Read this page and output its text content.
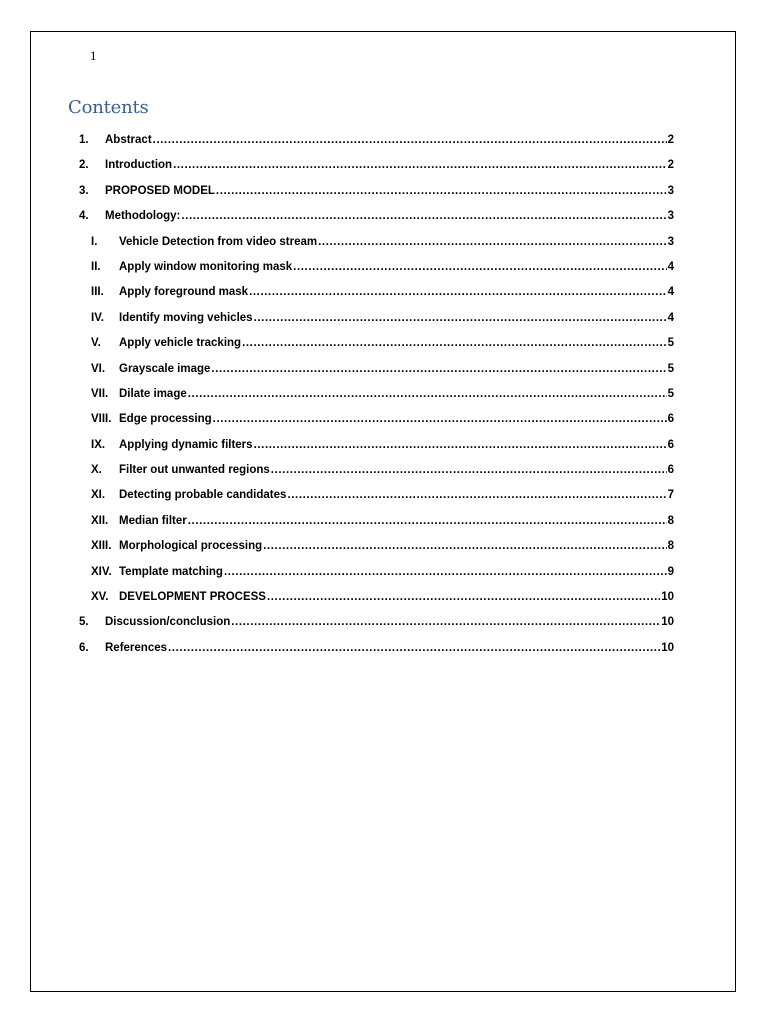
1
Contents
1. Abstract .....	2
2. Introduction .....	2
3. PROPOSED MODEL .....	3
4. Methodology: .....	3
I. Vehicle Detection from video stream .....	3
II. Apply window monitoring mask .....	4
III. Apply foreground mask .....	4
IV. Identify moving vehicles .....	4
V. Apply vehicle tracking .....	5
VI. Grayscale image .....	5
VII. Dilate image .....	5
VIII. Edge processing .....	6
IX. Applying dynamic filters .....	6
X. Filter out unwanted regions .....	6
XI. Detecting probable candidates .....	7
XII. Median filter .....	8
XIII. Morphological processing .....	8
XIV. Template matching .....	9
XV. DEVELOPMENT PROCESS .....	10
5. Discussion/conclusion .....	10
6. References .....	10
